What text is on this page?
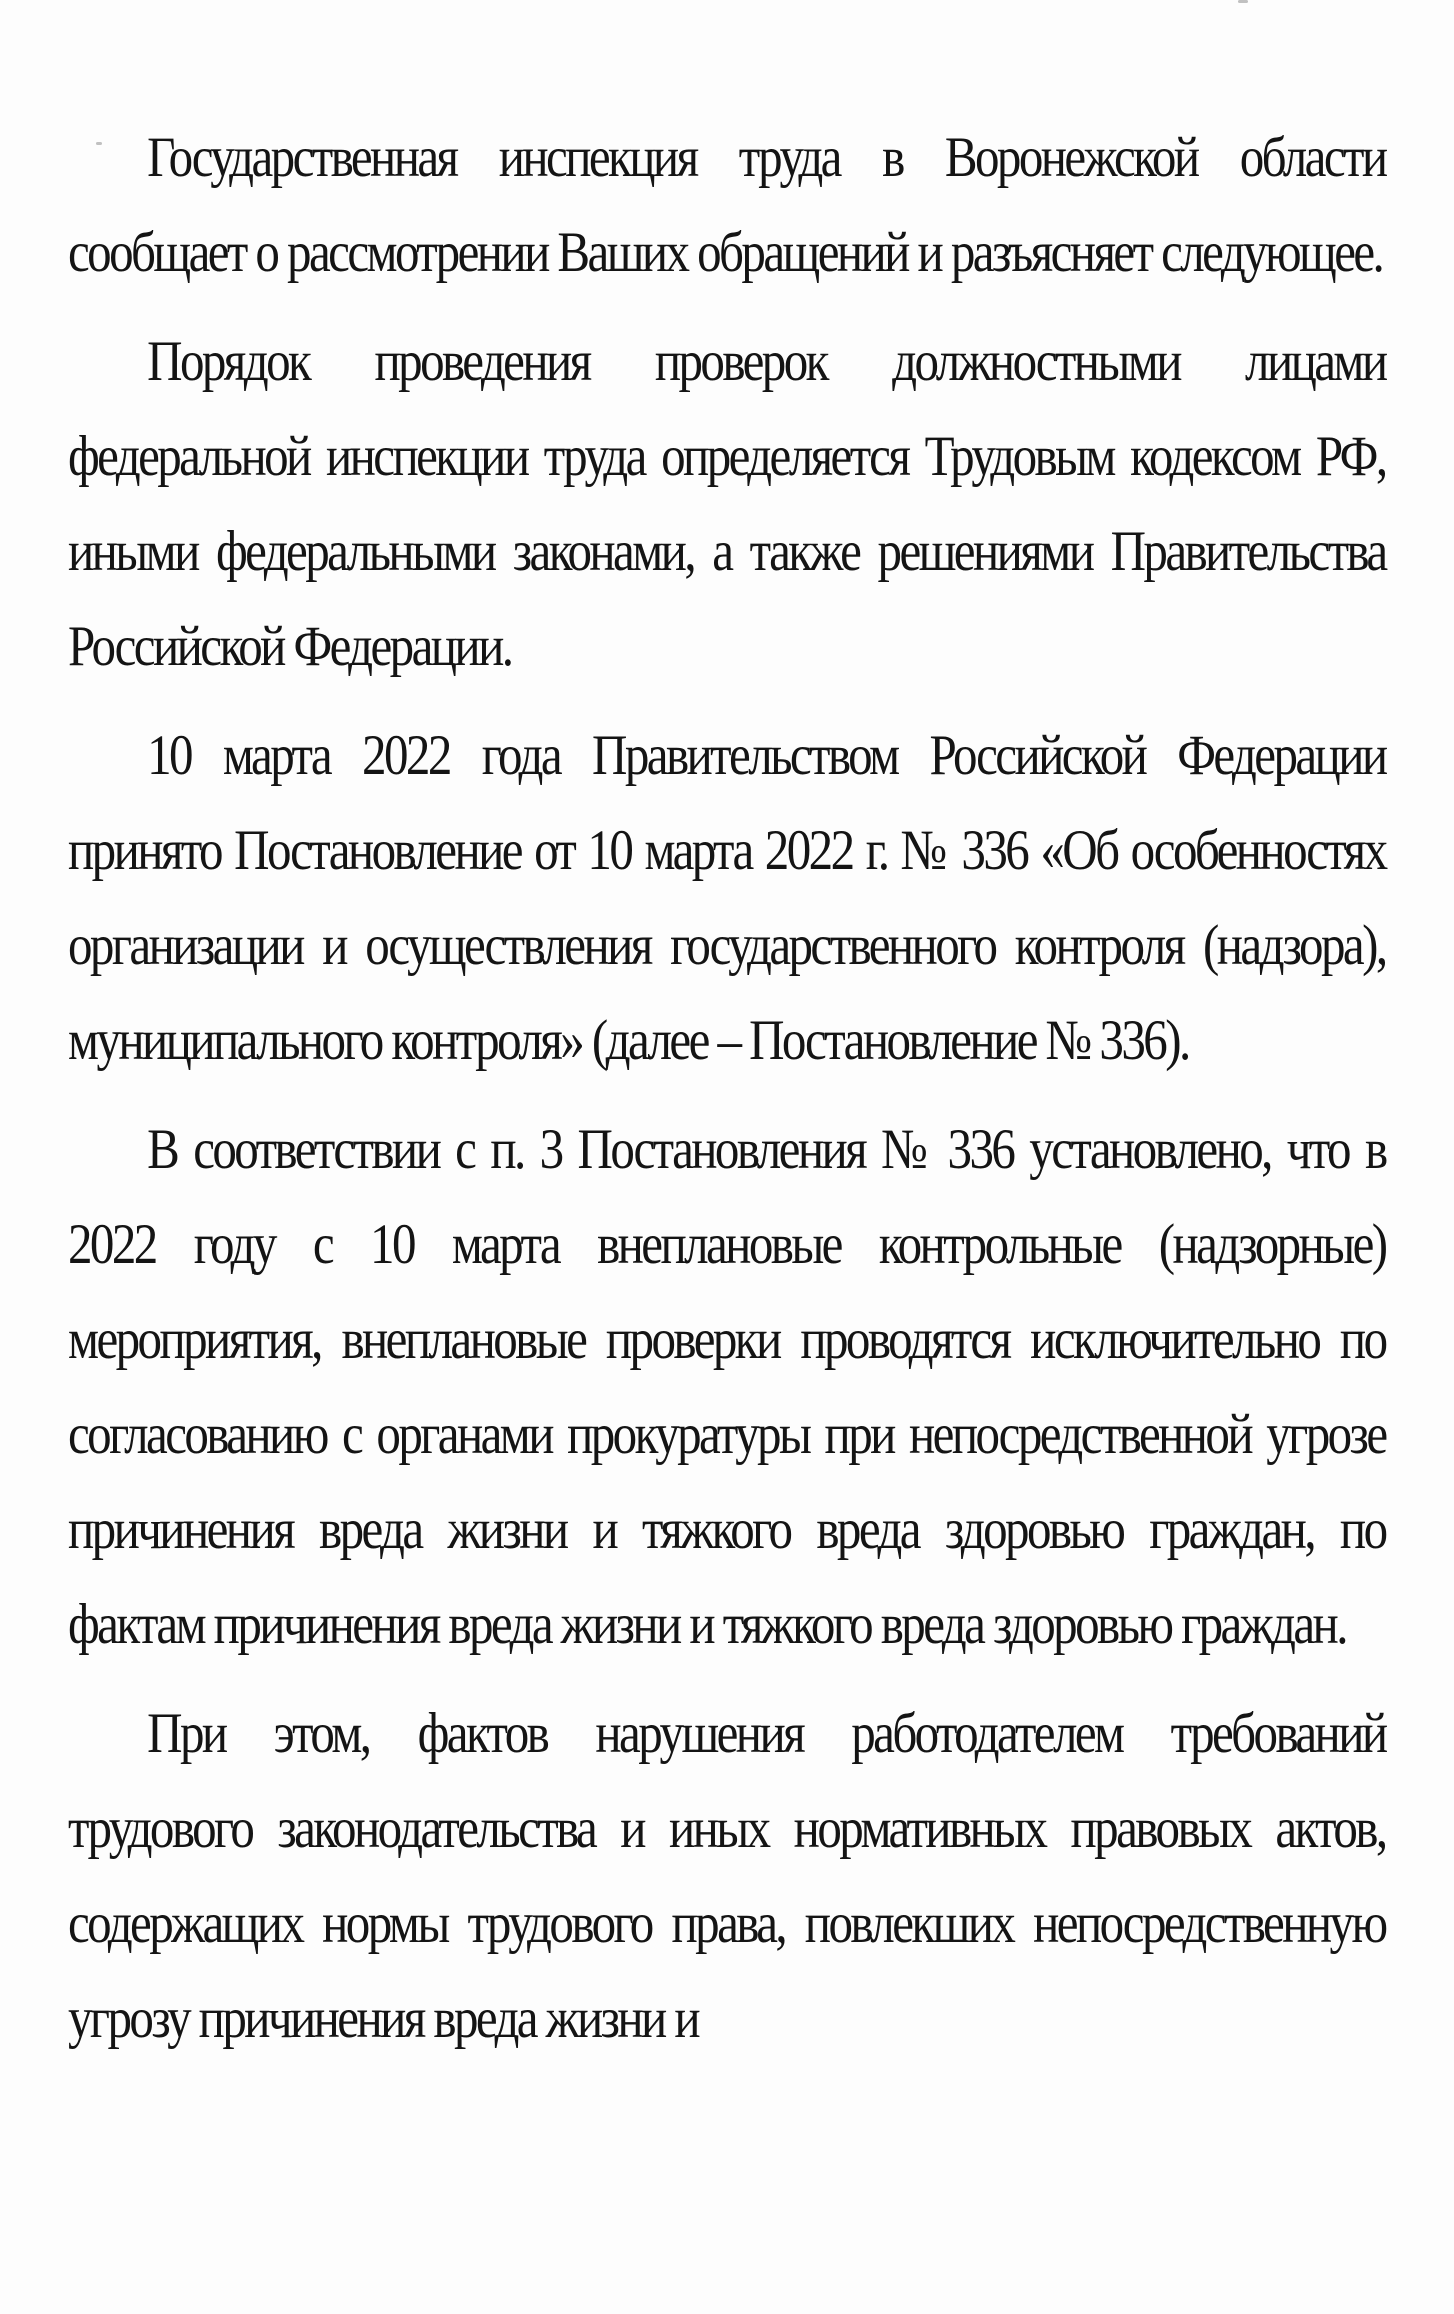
Государственная инспекция труда в Воронежской области сообщает о рассмотрении Ваших обращений и разъясняет следующее.

Порядок проведения проверок должностными лицами федеральной инспекции труда определяется Трудовым кодексом РФ, иными федеральными законами, а также решениями Правительства Российской Федерации.

10 марта 2022 года Правительством Российской Федерации принято Постановление от 10 марта 2022 г. № 336 «Об особенностях организации и осуществления государственного контроля (надзора), муниципального контроля» (далее – Постановление № 336).

В соответствии с п. 3 Постановления № 336 установлено, что в 2022 году с 10 марта внеплановые контрольные (надзорные) мероприятия, внеплановые проверки проводятся исключительно по согласованию с органами прокуратуры при непосредственной угрозе причинения вреда жизни и тяжкого вреда здоровью граждан, по фактам причинения вреда жизни и тяжкого вреда здоровью граждан.

При этом, фактов нарушения работодателем требований трудового законодательства и иных нормативных правовых актов, содержащих нормы трудового права, повлекших непосредственную угрозу причинения вреда жизни и
